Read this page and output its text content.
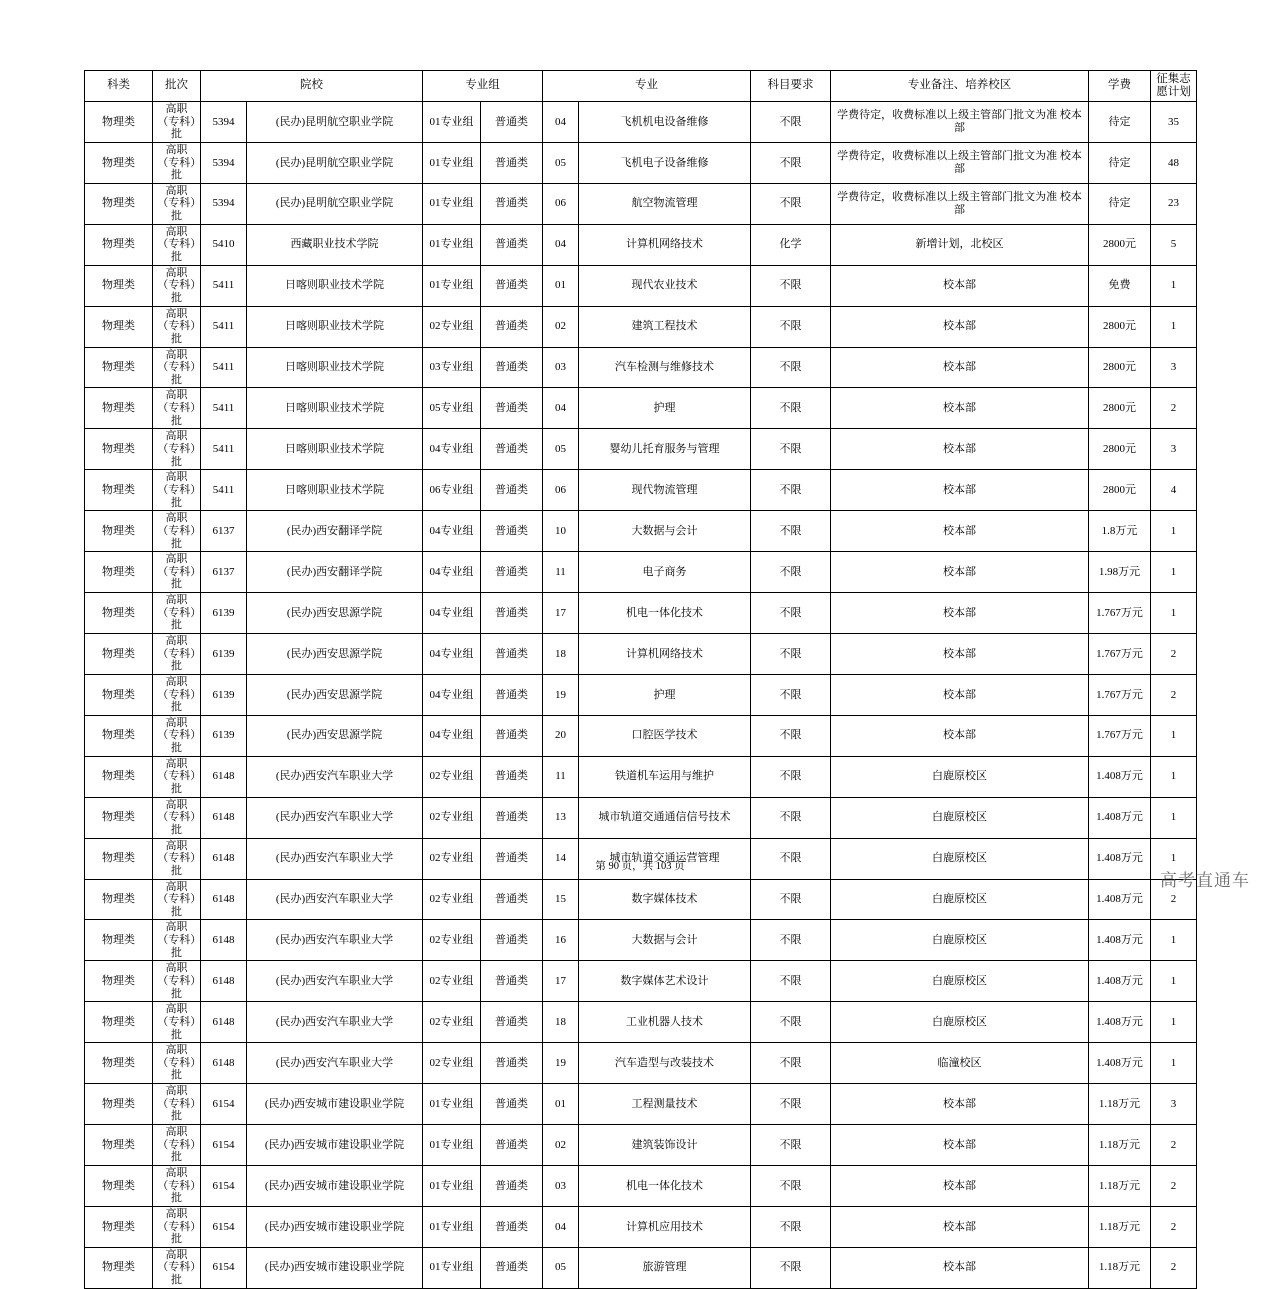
科类	批次	院校		专业组		专业		科目要求	专业备注、培养校区	学费	征集志愿计划
物理类	高职（专科）批	5394	(民办)昆明航空职业学院	01专业组	普通类	04	飞机机电设备维修	不限	学费待定，收费标准以上级主管部门批文为准 校本部	待定	35
物理类	高职（专科）批	5394	(民办)昆明航空职业学院	01专业组	普通类	05	飞机电子设备维修	不限	学费待定，收费标准以上级主管部门批文为准 校本部	待定	48
物理类	高职（专科）批	5394	(民办)昆明航空职业学院	01专业组	普通类	06	航空物流管理	不限	学费待定，收费标准以上级主管部门批文为准 校本部	待定	23
物理类	高职（专科）批	5410	西藏职业技术学院	01专业组	普通类	04	计算机网络技术	化学	新增计划，北校区	2800元	5
物理类	高职（专科）批	5411	日喀则职业技术学院	01专业组	普通类	01	现代农业技术	不限	校本部	免费	1
物理类	高职（专科）批	5411	日喀则职业技术学院	02专业组	普通类	02	建筑工程技术	不限	校本部	2800元	1
物理类	高职（专科）批	5411	日喀则职业技术学院	03专业组	普通类	03	汽车检测与维修技术	不限	校本部	2800元	3
物理类	高职（专科）批	5411	日喀则职业技术学院	05专业组	普通类	04	护理	不限	校本部	2800元	2
物理类	高职（专科）批	5411	日喀则职业技术学院	04专业组	普通类	05	婴幼儿托育服务与管理	不限	校本部	2800元	3
物理类	高职（专科）批	5411	日喀则职业技术学院	06专业组	普通类	06	现代物流管理	不限	校本部	2800元	4
物理类	高职（专科）批	6137	(民办)西安翻译学院	04专业组	普通类	10	大数据与会计	不限	校本部	1.8万元	1
物理类	高职（专科）批	6137	(民办)西安翻译学院	04专业组	普通类	11	电子商务	不限	校本部	1.98万元	1
物理类	高职（专科）批	6139	(民办)西安思源学院	04专业组	普通类	17	机电一体化技术	不限	校本部	1.767万元	1
物理类	高职（专科）批	6139	(民办)西安思源学院	04专业组	普通类	18	计算机网络技术	不限	校本部	1.767万元	2
物理类	高职（专科）批	6139	(民办)西安思源学院	04专业组	普通类	19	护理	不限	校本部	1.767万元	2
物理类	高职（专科）批	6139	(民办)西安思源学院	04专业组	普通类	20	口腔医学技术	不限	校本部	1.767万元	1
物理类	高职（专科）批	6148	(民办)西安汽车职业大学	02专业组	普通类	11	铁道机车运用与维护	不限	白鹿原校区	1.408万元	1
物理类	高职（专科）批	6148	(民办)西安汽车职业大学	02专业组	普通类	13	城市轨道交通通信信号技术	不限	白鹿原校区	1.408万元	1
物理类	高职（专科）批	6148	(民办)西安汽车职业大学	02专业组	普通类	14	城市轨道交通运营管理	不限	白鹿原校区	1.408万元	1
物理类	高职（专科）批	6148	(民办)西安汽车职业大学	02专业组	普通类	15	数字媒体技术	不限	白鹿原校区	1.408万元	2
物理类	高职（专科）批	6148	(民办)西安汽车职业大学	02专业组	普通类	16	大数据与会计	不限	白鹿原校区	1.408万元	1
物理类	高职（专科）批	6148	(民办)西安汽车职业大学	02专业组	普通类	17	数字媒体艺术设计	不限	白鹿原校区	1.408万元	1
物理类	高职（专科）批	6148	(民办)西安汽车职业大学	02专业组	普通类	18	工业机器人技术	不限	白鹿原校区	1.408万元	1
物理类	高职（专科）批	6148	(民办)西安汽车职业大学	02专业组	普通类	19	汽车造型与改装技术	不限	临潼校区	1.408万元	1
物理类	高职（专科）批	6154	(民办)西安城市建设职业学院	01专业组	普通类	01	工程测量技术	不限	校本部	1.18万元	3
物理类	高职（专科）批	6154	(民办)西安城市建设职业学院	01专业组	普通类	02	建筑装饰设计	不限	校本部	1.18万元	2
物理类	高职（专科）批	6154	(民办)西安城市建设职业学院	01专业组	普通类	03	机电一体化技术	不限	校本部	1.18万元	2
物理类	高职（专科）批	6154	(民办)西安城市建设职业学院	01专业组	普通类	04	计算机应用技术	不限	校本部	1.18万元	2
物理类	高职（专科）批	6154	(民办)西安城市建设职业学院	01专业组	普通类	05	旅游管理	不限	校本部	1.18万元	2
第 90 页，共 103 页
高考直通车
